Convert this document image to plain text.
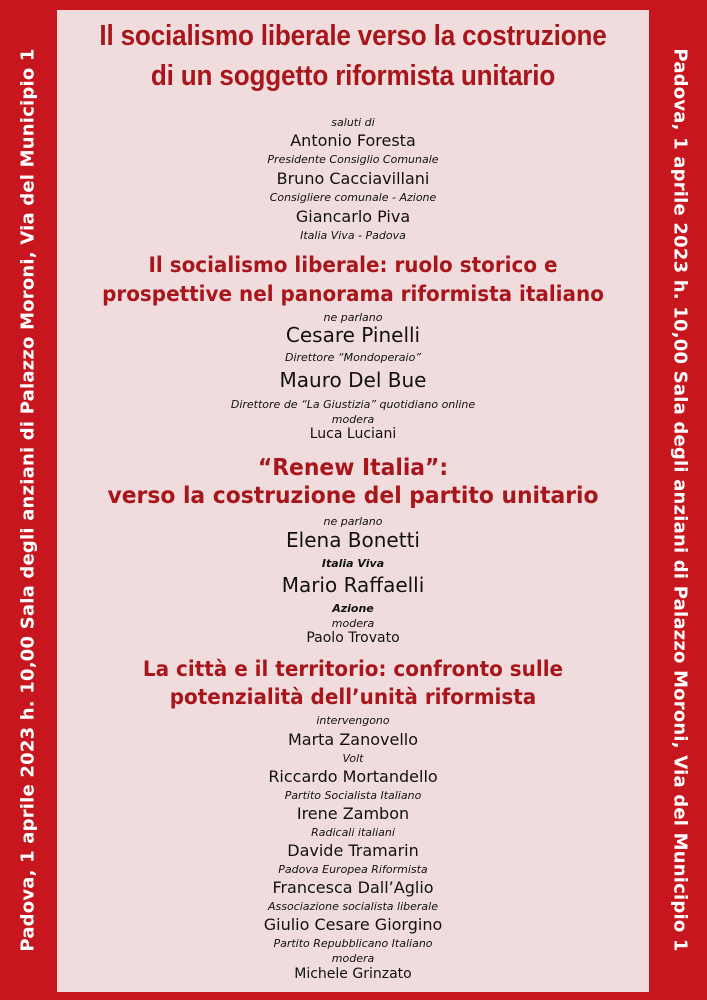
Padova, 1 aprile 2023 h. 10,00 Sala degli anziani di Palazzo Moroni, Via del Municipio 1	Padova, 1 aprile 2023 h. 10,00 Sala degli anziani di Palazzo Moroni, Via del Municipio 1

Il socialismo liberale verso la costruzione

di un soggetto riformista unitario

saluti di

Antonio Foresta

Presidente Consiglio Comunale

Bruno Cacciavillani

Consigliere comunale - Azione

Giancarlo Piva

Italia Viva - Padova

Il socialismo liberale: ruolo storico e

prospettive nel panorama riformista italiano

ne parlano

Cesare Pinelli

Direttore “Mondoperaio”

Mauro Del Bue

Direttore de “La Giustizia” quotidiano online

modera

Luca Luciani

“Renew Italia”:

verso la costruzione del partito unitario

ne parlano

Elena Bonetti

Italia Viva

Mario Raffaelli

Azione

modera

Paolo Trovato

La città e il territorio: confronto sulle

potenzialità dell’unità riformista

intervengono

Marta Zanovello

Volt

Riccardo Mortandello

Partito Socialista Italiano

Irene Zambon

Radicali italiani

Davide Tramarin

Padova Europea Riformista

Francesca Dall’Aglio

Associazione socialista liberale

Giulio Cesare Giorgino

Partito Repubblicano Italiano

modera

Michele Grinzato
